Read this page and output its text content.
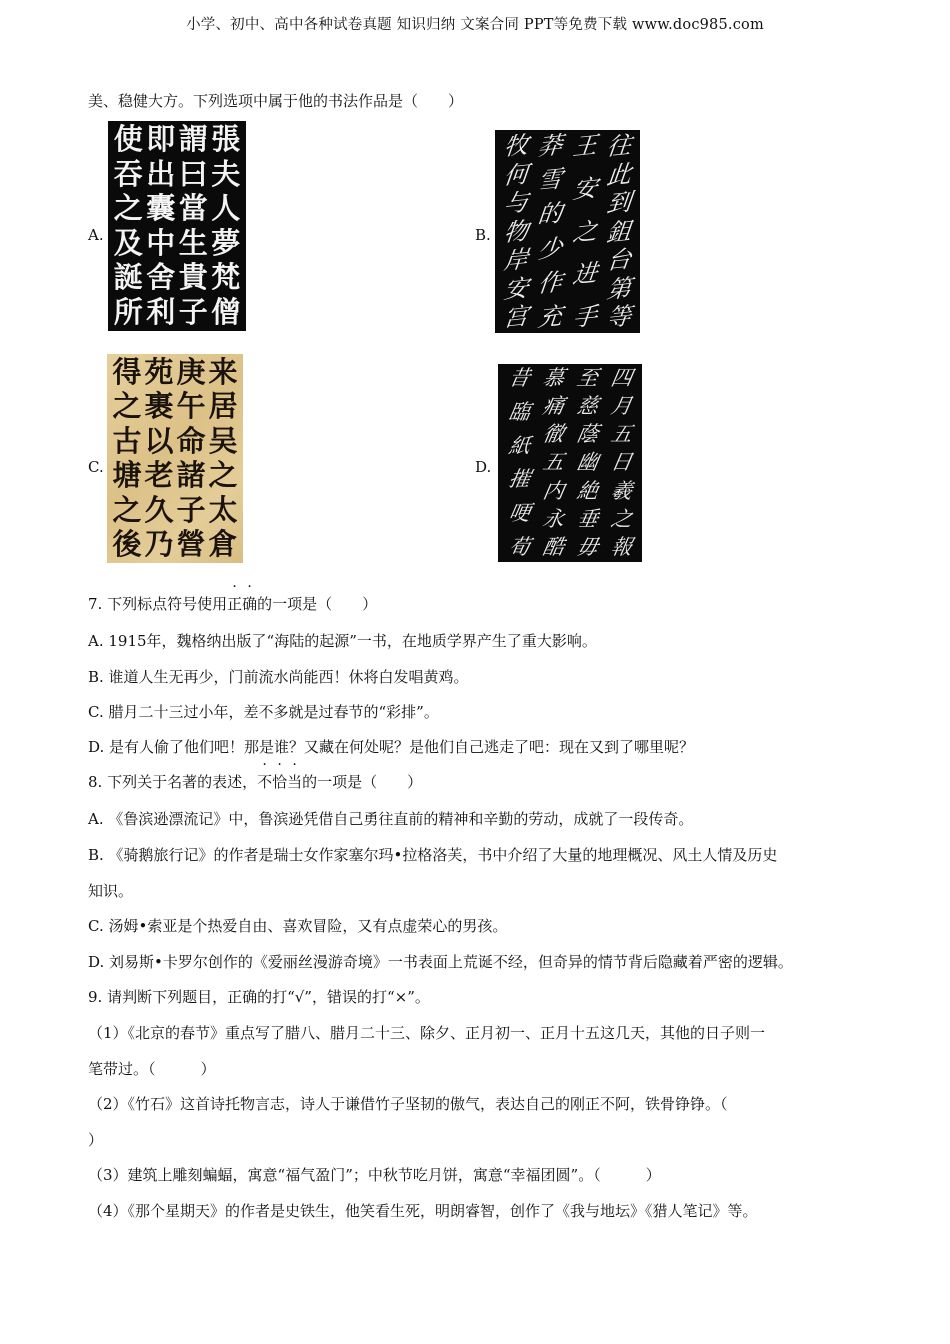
小学、初中、高中各种试卷真题 知识归纳 文案合同 PPT等免费下载 www.doc985.com
美、稳健大方。下列选项中属于他的书法作品是（　　）
A.
張
夫
人
夢
梵
僧
謂
曰
當
生
貴
子
即
出
囊
中
舍
利
使
吞
之
及
誕
所
B.
往
此
到
鉏
台
第
等
王
安
之
进
手
莽
雪
的
少
作
充
牧
何
与
物
岸
安
宫
C.
来
居
吴
之
太
倉
庚
午
命
諸
子
營
苑
裹
以
老
久
乃
得
之
古
塘
之
後
D.
四
月
五
日
羲
之
報
至
慈
蔭
幽
絶
垂
毋
慕
痛
徹
五
内
永
酷
昔
臨
紙
摧
哽
荀
7. 下列标点符号使用正确的一项是（　　）
A. 1915年，魏格纳出版了“海陆的起源”一书，在地质学界产生了重大影响。
B. 谁道人生无再少，门前流水尚能西！休将白发唱黄鸡。
C. 腊月二十三过小年，差不多就是过春节的“彩排”。
D. 是有人偷了他们吧！那是谁？又藏在何处呢？是他们自己逃走了吧：现在又到了哪里呢？
8. 下列关于名著的表述，不恰当的一项是（　　）
A. 《鲁滨逊漂流记》中，鲁滨逊凭借自己勇往直前的精神和辛勤的劳动，成就了一段传奇。
B. 《骑鹅旅行记》的作者是瑞士女作家塞尔玛•拉格洛芙，书中介绍了大量的地理概况、风土人情及历史
知识。
C. 汤姆•索亚是个热爱自由、喜欢冒险，又有点虚荣心的男孩。
D. 刘易斯•卡罗尔创作的《爱丽丝漫游奇境》一书表面上荒诞不经，但奇异的情节背后隐藏着严密的逻辑。
9. 请判断下列题目，正确的打“√”，错误的打“×”。
（1）《北京的春节》重点写了腊八、腊月二十三、除夕、正月初一、正月十五这几天，其他的日子则一
笔带过。（　　　）
（2）《竹石》这首诗托物言志，诗人于谦借竹子坚韧的傲气，表达自己的刚正不阿，铁骨铮铮。（
）
（3）建筑上雕刻蝙蝠，寓意“福气盈门”；中秋节吃月饼，寓意“幸福团圆”。（　　　）
（4）《那个星期天》的作者是史铁生，他笑看生死，明朗睿智，创作了《我与地坛》《猎人笔记》等。
